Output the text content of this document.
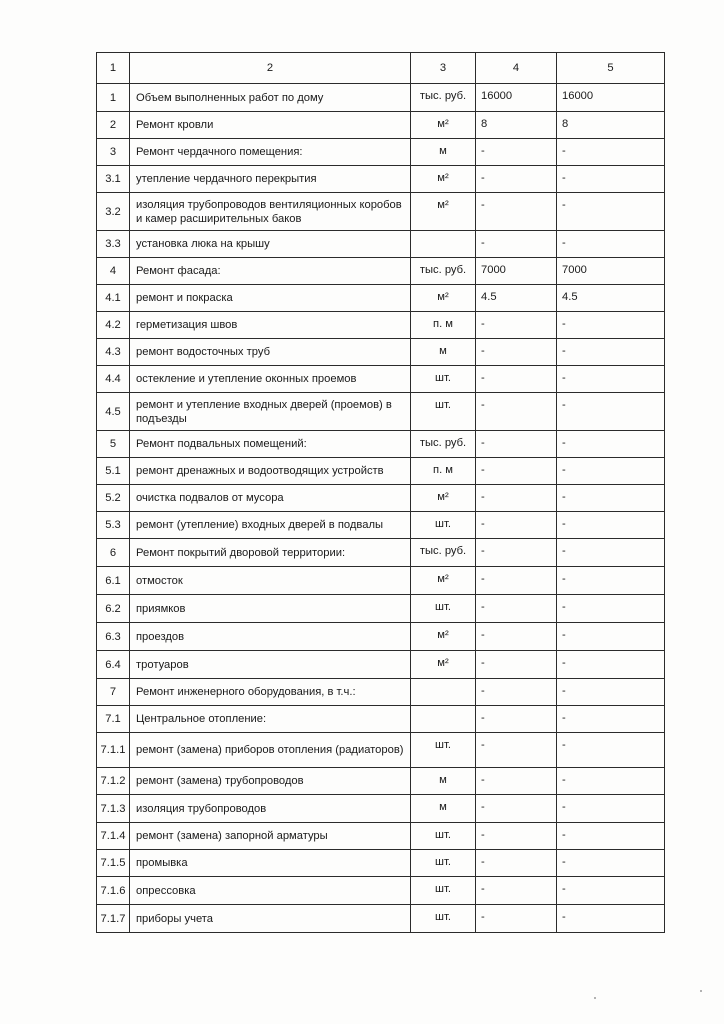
1	2	3	4	5
1	Объем выполненных работ по дому	тыс. руб.	16000	16000
2	Ремонт кровли	м²	8	8
3	Ремонт чердачного помещения:	м	-	-
3.1	утепление чердачного перекрытия	м²	-	-
3.2	изоляция трубопроводов вентиляционных коробов и камер расширительных баков	м²	-	-
3.3	установка люка на крышу		-	-
4	Ремонт фасада:	тыс. руб.	7000	7000
4.1	ремонт и покраска	м²	4.5	4.5
4.2	герметизация швов	п. м	-	-
4.3	ремонт водосточных труб	м	-	-
4.4	остекление и утепление оконных проемов	шт.	-	-
4.5	ремонт и утепление входных дверей (проемов) в подъезды	шт.	-	-
5	Ремонт подвальных помещений:	тыс. руб.	-	-
5.1	ремонт дренажных и водоотводящих устройств	п. м	-	-
5.2	очистка подвалов от мусора	м²	-	-
5.3	ремонт (утепление) входных дверей в подвалы	шт.	-	-
6	Ремонт покрытий дворовой территории:	тыс. руб.	-	-
6.1	отмосток	м²	-	-
6.2	приямков	шт.	-	-
6.3	проездов	м²	-	-
6.4	тротуаров	м²	-	-
7	Ремонт инженерного оборудования, в т.ч.:		-	-
7.1	Центральное отопление:		-	-
7.1.1	ремонт (замена) приборов отопления (радиаторов)	шт.	-	-
7.1.2	ремонт (замена) трубопроводов	м	-	-
7.1.3	изоляция трубопроводов	м	-	-
7.1.4	ремонт (замена) запорной арматуры	шт.	-	-
7.1.5	промывка	шт.	-	-
7.1.6	опрессовка	шт.	-	-
7.1.7	приборы учета	шт.	-	-
